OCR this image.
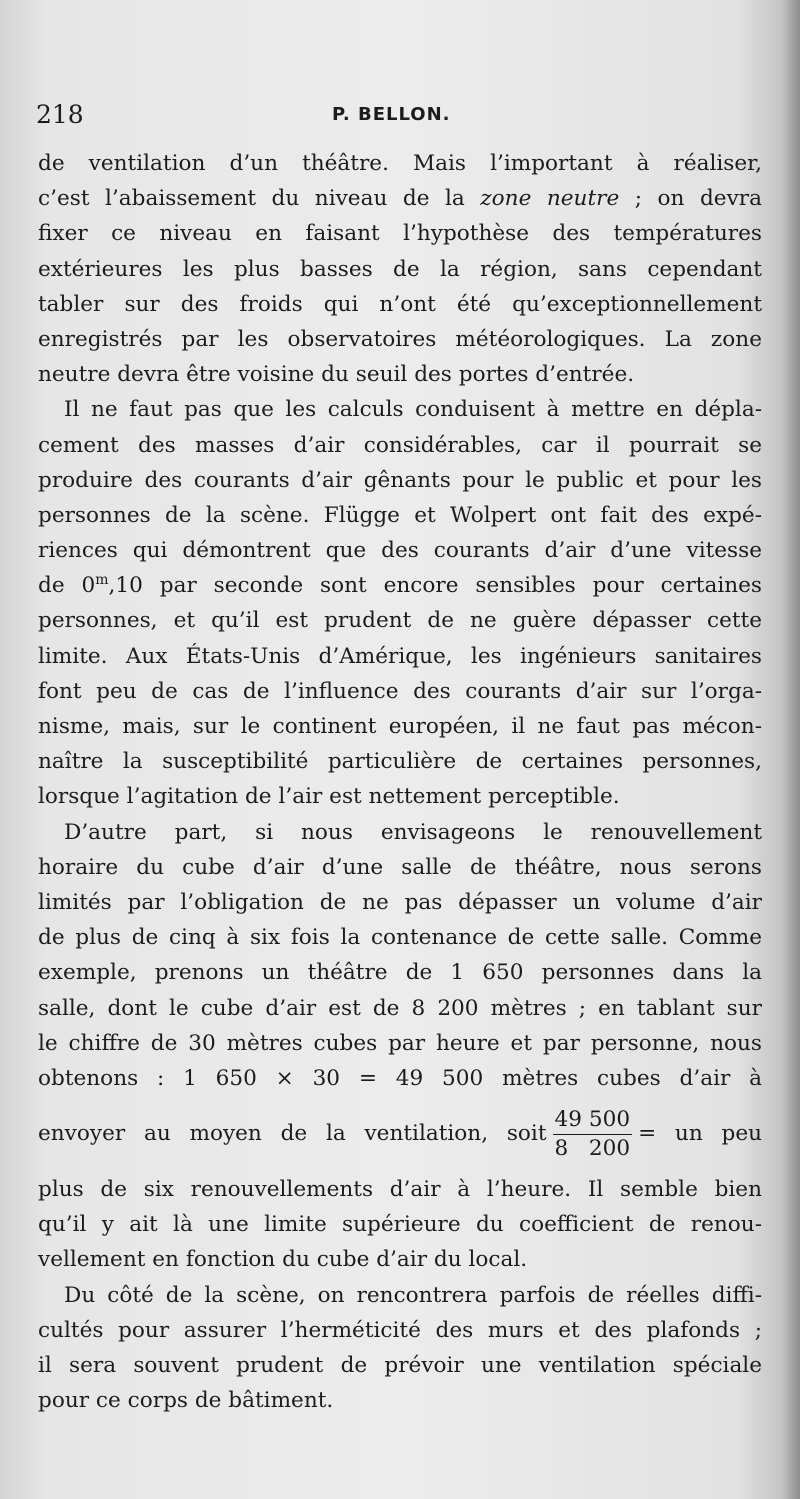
218	P. BELLON.
de ventilation d’un théâtre. Mais l’important à réaliser,
c’est l’abaissement du niveau de la zone neutre ; on devra
fixer ce niveau en faisant l’hypothèse des températures
extérieures les plus basses de la région, sans cependant
tabler sur des froids qui n’ont été qu’exceptionnellement
enregistrés par les observatoires météorologiques. La zone
neutre devra être voisine du seuil des portes d’entrée.
Il ne faut pas que les calculs conduisent à mettre en dépla-
cement des masses d’air considérables, car il pourrait se
produire des courants d’air gênants pour le public et pour les
personnes de la scène. Flügge et Wolpert ont fait des expé-
riences qui démontrent que des courants d’air d’une vitesse
de 0$^m$,10 par seconde sont encore sensibles pour certaines
personnes, et qu’il est prudent de ne guère dépasser cette
limite. Aux États-Unis d’Amérique, les ingénieurs sanitaires
font peu de cas de l’influence des courants d’air sur l’orga-
nisme, mais, sur le continent européen, il ne faut pas mécon-
naître la susceptibilité particulière de certaines personnes,
lorsque l’agitation de l’air est nettement perceptible.
D’autre part, si nous envisageons le renouvellement
horaire du cube d’air d’une salle de théâtre, nous serons
limités par l’obligation de ne pas dépasser un volume d’air
de plus de cinq à six fois la contenance de cette salle. Comme
exemple, prenons un théâtre de 1 650 personnes dans la
salle, dont le cube d’air est de 8 200 mètres ; en tablant sur
le chiffre de 30 mètres cubes par heure et par personne, nous
obtenons : 1 650 × 30 = 49 500 mètres cubes d’air à
envoyer au moyen de la ventilation, soit $\frac{49 500}{8 200}$ = un peu
plus de six renouvellements d’air à l’heure. Il semble bien
qu’il y ait là une limite supérieure du coefficient de renou-
vellement en fonction du cube d’air du local.
Du côté de la scène, on rencontrera parfois de réelles diffi-
cultés pour assurer l’herméticité des murs et des plafonds ;
il sera souvent prudent de prévoir une ventilation spéciale
pour ce corps de bâtiment.
